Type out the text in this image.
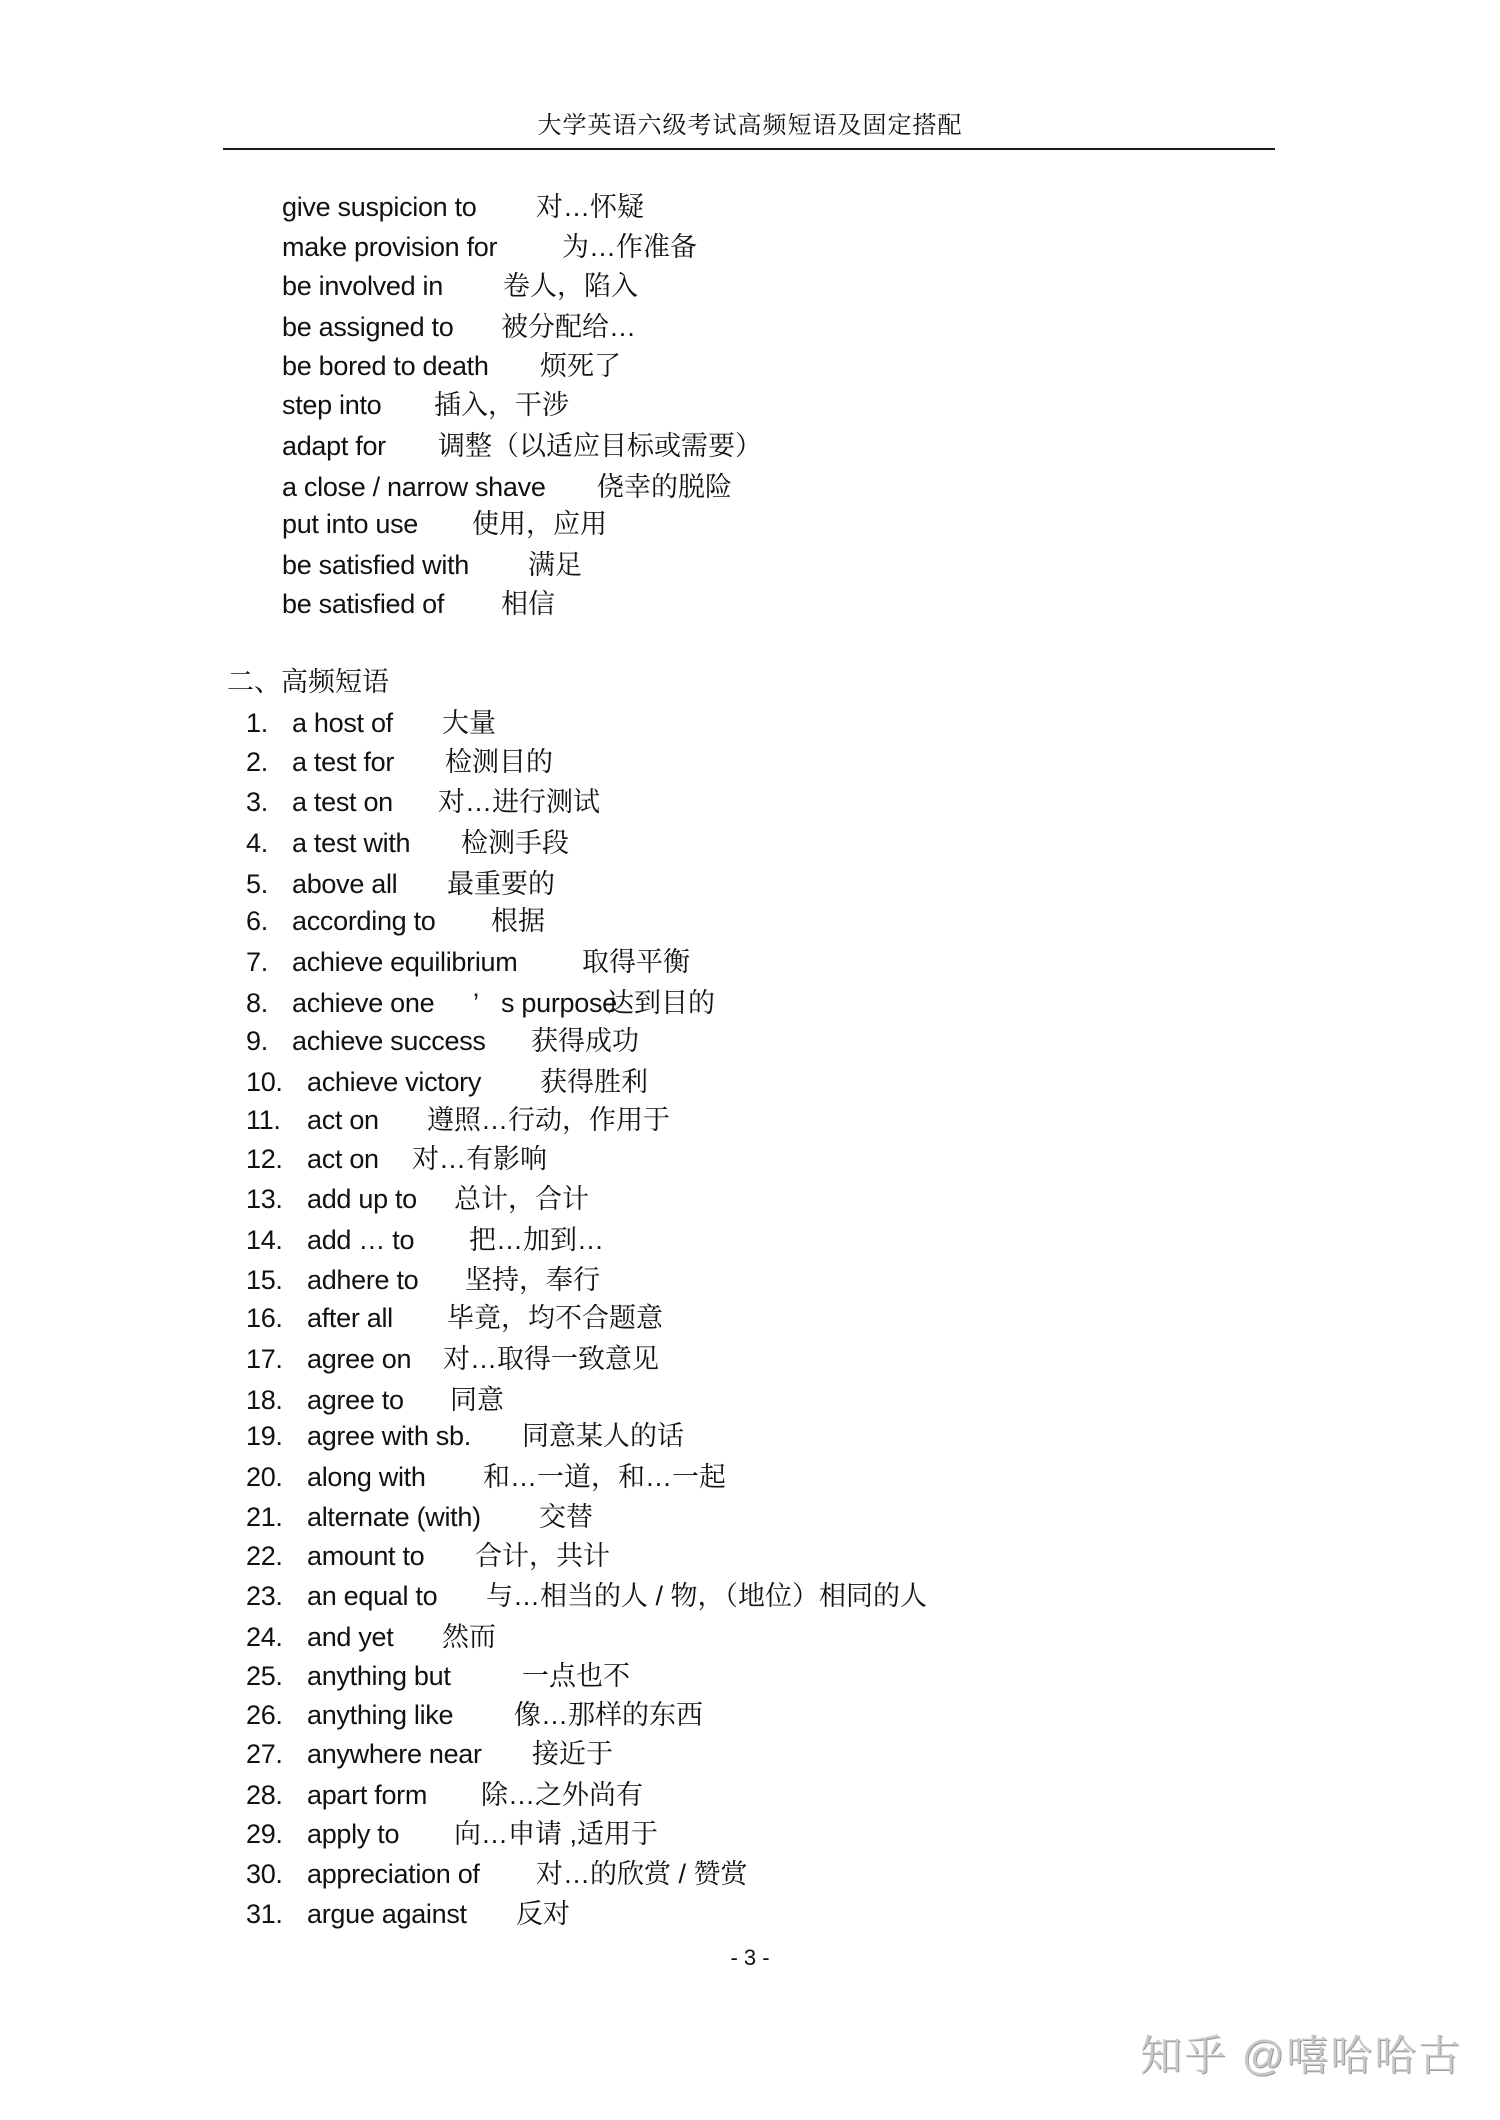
大学英语六级考试高频短语及固定搭配
give suspicion to 对…怀疑
make provision for 为…作准备
be involved in 卷人，陷入
be assigned to 被分配给…
be bored to death 烦死了
step into 插入，干涉
adapt for 调整（以适应目标或需要）
a close / narrow shave 侥幸的脱险
put into use 使用，应用
be satisfied with 满足
be satisfied of 相信
二、高频短语
1. a host of 大量
2. a test for 检测目的
3. a test on 对…进行测试
4. a test with 检测手段
5. above all 最重要的
6. according to 根据
7. achieve equilibrium 取得平衡
8. achieve one ’ s purpose
达到目的
9. achieve success 获得成功
10. achieve victory 获得胜利
11. act on 遵照…行动，作用于
12. act on 对…有影响
13. add up to 总计，合计
14. add … to 把…加到…
15. adhere to 坚持，奉行
16. after all 毕竟，均不合题意
17. agree on 对…取得一致意见
18. agree to 同意
19. agree with sb. 同意某人的话
20. along with 和…一道，和…一起
21. alternate (with) 交替
22. amount to 合计，共计
23. an equal to 与…相当的人 / 物，（地位）相同的人
24. and yet 然而
25. anything but	一点也不
26. anything like 像…那样的东西
27. anywhere near 接近于
28. apart form 除…之外尚有
29. apply to 向…申请 ,适用于
30. appreciation of 对…的欣赏 / 赞赏
31. argue against 反对
- 3 -
知乎 @嘻哈哈古
